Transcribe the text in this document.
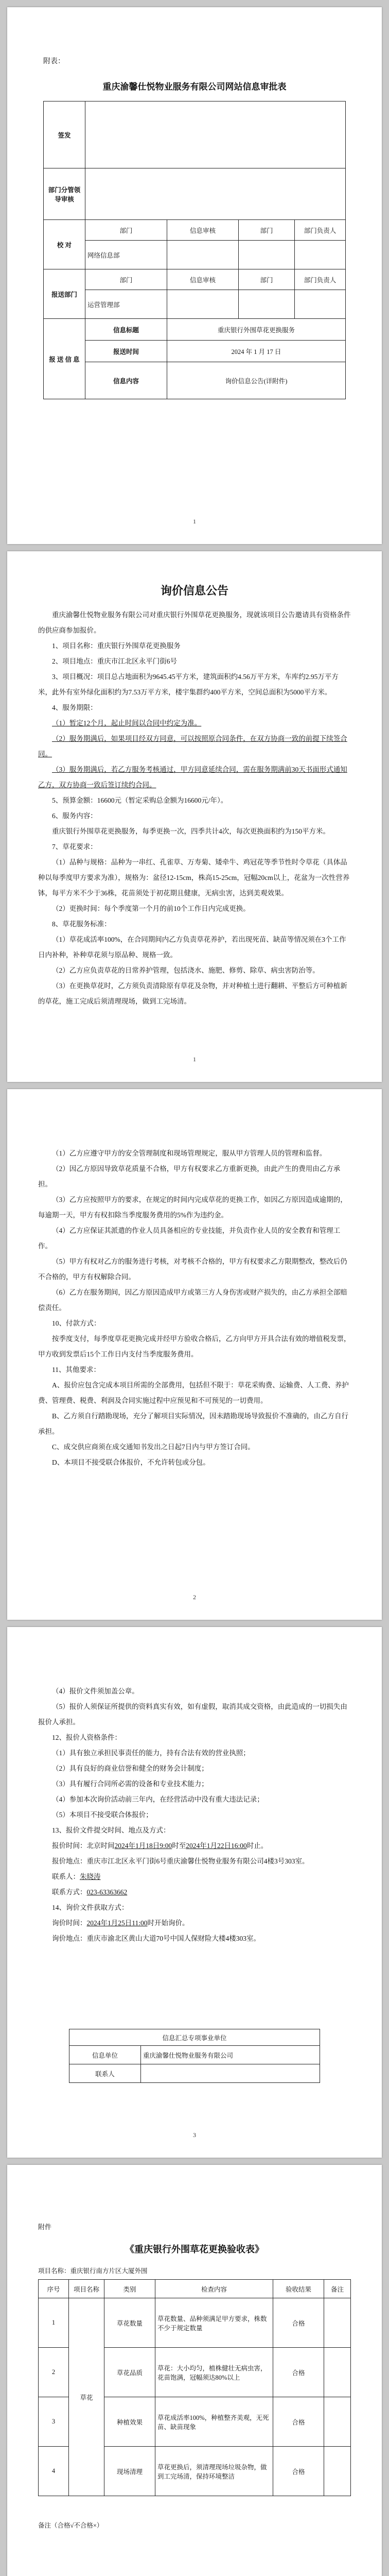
附表：

重庆渝馨仕悦物业服务有限公司网站信息审批表

签发				
部门分管领导审核				
校 对	部门	信息审核	部门	部门负责人
	网络信息部			
报送部门	部门	信息审核	部门	部门负责人
	运营管理部			
报 送 信 息	信息标题	重庆银行外围草花更换服务		
	报送时间	2024 年 1 月 17 日		
	信息内容	询价信息公告(详附件)		

1

询价信息公告

重庆渝馨仕悦物业服务有限公司对重庆银行外围草花更换服务，现就该项目公告邀请具有资格条件的供应商参加报价。

1、项目名称：重庆银行外围草花更换服务

2、项目地点：重庆市江北区永平门街6号

3、项目概况：项目总占地面积为9645.45平方米，建筑面积约4.56万平方米，车库约2.95万平方米，此外有室外绿化面积约为7.53万平方米，楼宇集群约400平方米，空间总面积为5000平方米。

4、服务期限：

（1）暂定12个月，起止时间以合同中约定为准。

（2）服务期满后，如果项目经双方同意，可以按照原合同条件，在双方协商一致的前提下续签合同。

（3）服务期满后，若乙方服务考核通过，甲方同意延续合同，需在服务期满前30天书面形式通知乙方，双方协商一致后签订续约合同。

5、预算金额：16600元（暂定采购总金额为16600元/年）。

6、服务内容：

重庆银行外围草花更换服务，每季更换一次，四季共计4次，每次更换面积约为150平方米。

7、草花要求：

（1）品种与规格：品种为一串红、孔雀草、万寿菊、矮牵牛、鸡冠花等季节性时令草花（具体品种以每季度甲方要求为准），规格为：盆径12-15cm，株高15-25cm，冠幅20cm以上，花盆为一次性营养钵，每平方米不少于36株，花苗须处于初花期且健康，无病虫害，达到美观效果。

（2）更换时间：每个季度第一个月的前10个工作日内完成更换。

8、草花服务标准：

（1）草花成活率100%，在合同期间内乙方负责草花养护，若出现死苗、缺苗等情况须在3个工作日内补种，补种草花须与原品种、规格一致。

（2）乙方应负责草花的日常养护管理，包括浇水、施肥、修剪、除草、病虫害防治等。

（3）在更换草花时，乙方须负责清除原有草花及杂物，并对种植土进行翻耕、平整后方可种植新的草花，施工完成后须清理现场，做到工完场清。

1

（1）乙方应遵守甲方的安全管理制度和现场管理规定，服从甲方管理人员的管理和监督。

（2）因乙方原因导致草花质量不合格，甲方有权要求乙方重新更换，由此产生的费用由乙方承担。

（3）乙方应按照甲方的要求，在规定的时间内完成草花的更换工作，如因乙方原因造成逾期的，每逾期一天，甲方有权扣除当季度服务费用的5%作为违约金。

（4）乙方应保证其派遣的作业人员具备相应的专业技能，并负责作业人员的安全教育和管理工作。

（5）甲方有权对乙方的服务进行考核，对考核不合格的，甲方有权要求乙方限期整改，整改后仍不合格的，甲方有权解除合同。

（6）乙方在服务期间，因乙方原因造成甲方或第三方人身伤害或财产损失的，由乙方承担全部赔偿责任。

10、付款方式：

按季度支付，每季度草花更换完成并经甲方验收合格后，乙方向甲方开具合法有效的增值税发票，甲方收到发票后15个工作日内支付当季度服务费用。

11、其他要求：

A、报价应包含完成本项目所需的全部费用，包括但不限于：草花采购费、运输费、人工费、养护费、管理费、税费、利润及合同实施过程中应预见和不可预见的一切费用。

B、乙方须自行踏勘现场，充分了解项目实际情况，因未踏勘现场导致报价不准确的，由乙方自行承担。

C、成交供应商须在成交通知书发出之日起7日内与甲方签订合同。

D、本项目不接受联合体报价，不允许转包或分包。

2

（4）报价文件须加盖公章。

（5）报价人须保证所提供的资料真实有效，如有虚假，取消其成交资格，由此造成的一切损失由报价人承担。

12、报价人资格条件：

（1）具有独立承担民事责任的能力，持有合法有效的营业执照；

（2）具有良好的商业信誉和健全的财务会计制度；

（3）具有履行合同所必需的设备和专业技术能力；

（4）参加本次询价活动前三年内，在经营活动中没有重大违法记录；

（5）本项目不接受联合体报价；

13、报价文件提交时间、地点及方式：

报价时间：北京时间2024年1月18日9:00时至2024年1月22日16:00时止。

报价地点：重庆市江北区永平门街6号重庆渝馨仕悦物业服务有限公司4楼3号303室。

联系人：朱晓涛

联系方式：023-63363662

14、询价文件获取方式：

询价时间：2024年1月25日11:00时开始询价。

询价地点：重庆市渝北区黄山大道70号中国人保财险大楼4楼303室。

信息汇总专项事业单位	
信息单位	重庆渝馨仕悦物业服务有限公司
联系人	

3

附件

《重庆银行外围草花更换验收表》

项目名称：重庆银行南方片区大厦外围

序号	项目名称	类别	检查内容	验收结果	备注
1	草花	草花数量	草花数量、品种须满足甲方要求，株数不少于规定数量	合格	
2		草花品质	草花：大小均匀，植株健壮无病虫害，花苗饱满，冠幅须达80%以上	合格	
3		种植效果	草花成活率100%，种植整齐美观，无死苗、缺苗现象	合格	
4		现场清理	草花更换后，须清理现场垃圾杂物，做到工完场清，保持环境整洁	合格	

备注（合格√不合格×）
